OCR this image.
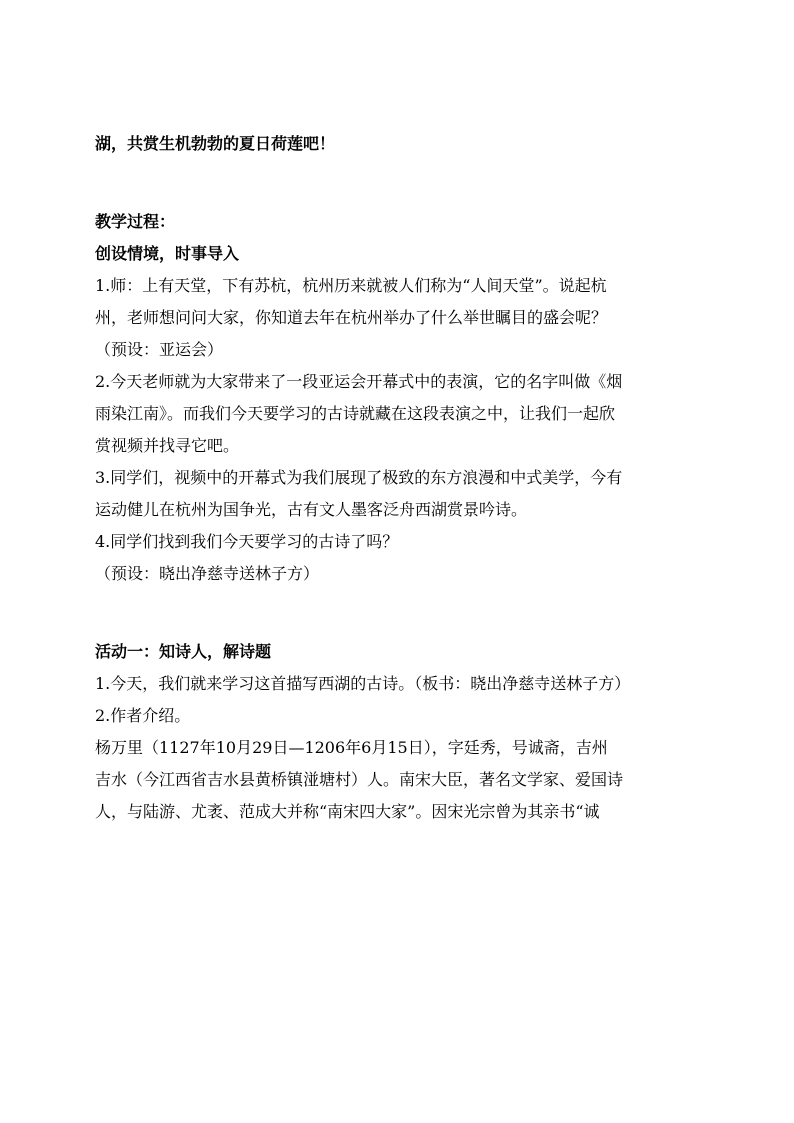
湖，共赏生机勃勃的夏日荷莲吧！

教学过程：

创设情境，时事导入

1.师：上有天堂，下有苏杭，杭州历来就被人们称为“人间天堂”。说起杭

州，老师想问问大家，你知道去年在杭州举办了什么举世瞩目的盛会呢？

（预设：亚运会）

2.今天老师就为大家带来了一段亚运会开幕式中的表演，它的名字叫做《烟

雨染江南》。而我们今天要学习的古诗就藏在这段表演之中，让我们一起欣

赏视频并找寻它吧。

3.同学们，视频中的开幕式为我们展现了极致的东方浪漫和中式美学，今有

运动健儿在杭州为国争光，古有文人墨客泛舟西湖赏景吟诗。

4.同学们找到我们今天要学习的古诗了吗？

（预设：晓出净慈寺送林子方）

活动一：知诗人，解诗题

1.今天，我们就来学习这首描写西湖的古诗。（板书：晓出净慈寺送林子方）

2.作者介绍。

杨万里（1127年10月29日—1206年6月15日），字廷秀，号诚斋，吉州

吉水（今江西省吉水县黄桥镇湴塘村）人。南宋大臣，著名文学家、爱国诗

人，与陆游、尤袤、范成大并称“南宋四大家”。因宋光宗曾为其亲书“诚
